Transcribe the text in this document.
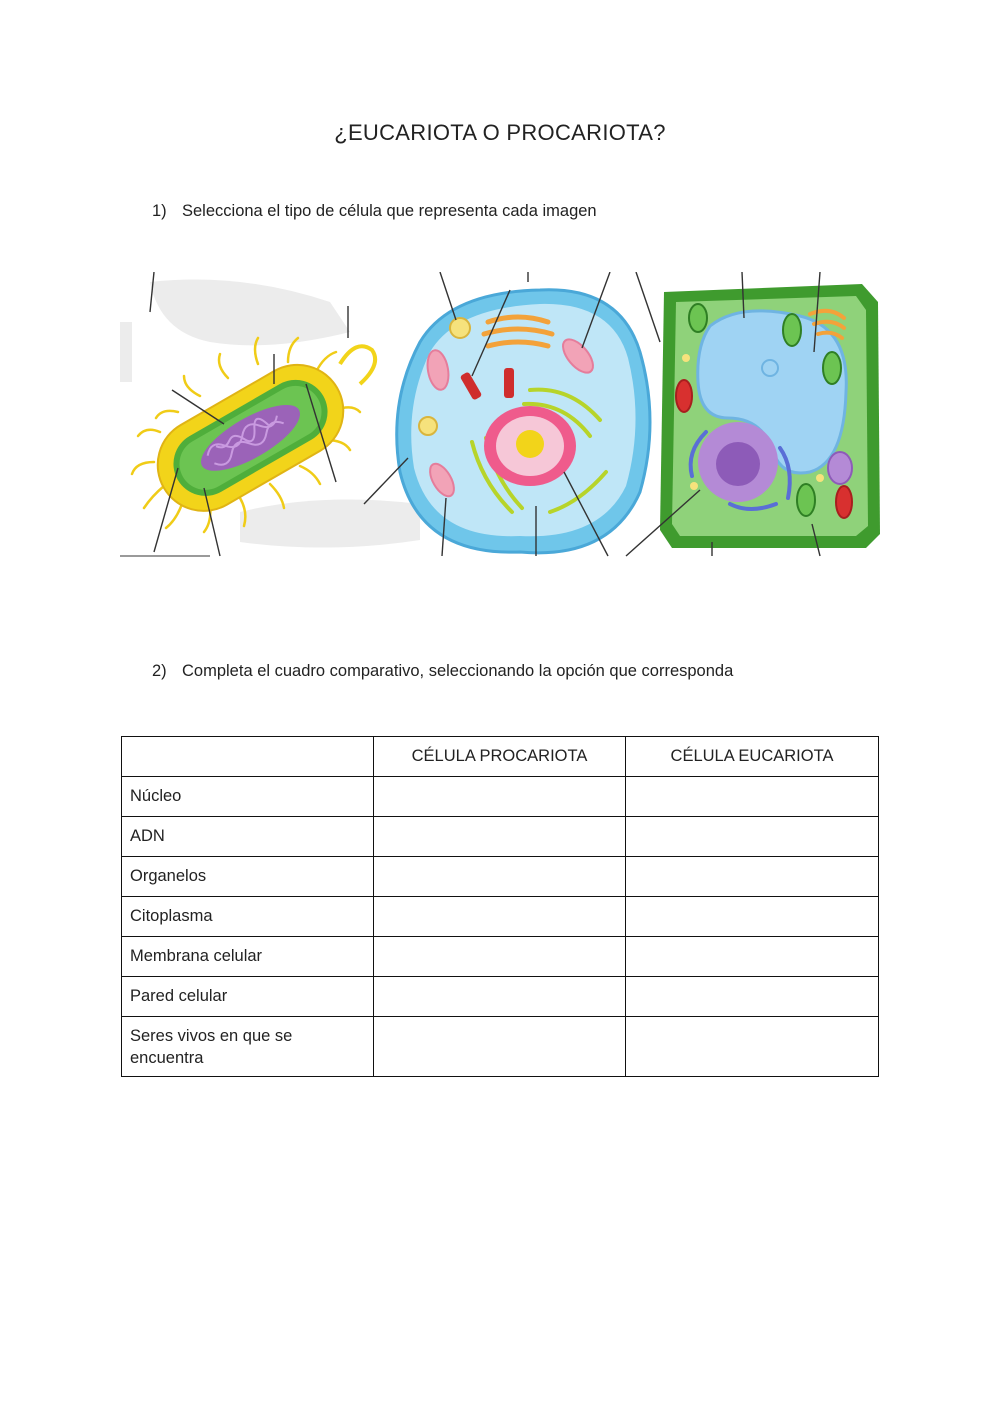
¿EUCARIOTA O PROCARIOTA?
1) Selecciona el tipo de célula que representa cada imagen
2) Completa el cuadro comparativo, seleccionando la opción que corresponda
	CÉLULA PROCARIOTA	CÉLULA EUCARIOTA
Núcleo		
ADN		
Organelos		
Citoplasma		
Membrana celular		
Pared celular		
Seres vivos en que se encuentra		
